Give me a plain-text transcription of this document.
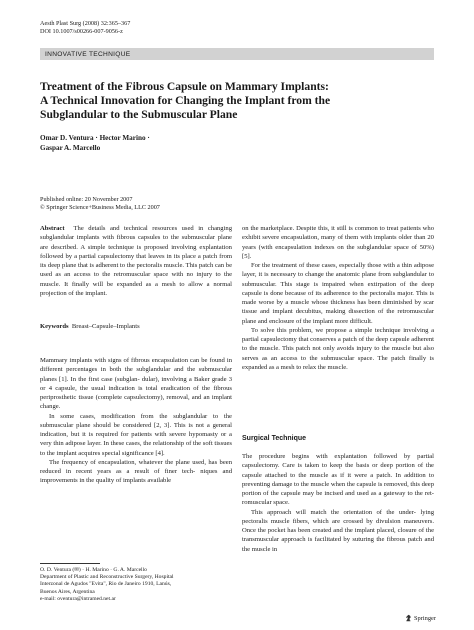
Aesth Plast Surg (2008) 32:365–367
DOI 10.1007/s00266-007-9056-z
INNOVATIVE TECHNIQUE
Treatment of the Fibrous Capsule on Mammary Implants:
A Technical Innovation for Changing the Implant from the
Subglandular to the Submuscular Plane
Omar D. Ventura · Hector Marino ·
Gaspar A. Marcello
Published online: 20 November 2007
© Springer Science+Business Media, LLC 2007

Abstract The details and technical resources used in changing subglandular implants with fibrous capsules to the submuscular plane are described. A simple technique is proposed involving explantation followed by a partial capsulectomy that leaves in its place a patch from its deep plane that is adherent to the pectoralis muscle. This patch can be used as an access to the retromuscular space with no injury to the muscle. It finally will be expanded as a mesh to allow a normal projection of the implant.

Keywords Breast–Capsule–Implants

Mammary implants with signs of fibrous encapsulation can be found in different percentages in both the subglandular and the submuscular planes [1]. In the first case (subglan- dular), involving a Baker grade 3 or 4 capsule, the usual indication is total eradication of the fibrous periprosthetic tissue (complete capsulectomy), removal, and an implant change.

In some cases, modification from the subglandular to the submuscular plane should be considered [2, 3]. This is not a general indication, but it is required for patients with severe hypomasty or a very thin adipose layer. In these cases, the relationship of the soft tissues to the implant acquires special significance [4].

The frequency of encapsulation, whatever the plane used, has been reduced in recent years as a result of finer tech- niques and improvements in the quality of implants available

O. D. Ventura (✉) · H. Marino · G. A. Marcello
Department of Plastic and Reconstructive Surgery, Hospital
Interzonal de Agudos "Evita", Rio de Janeiro 1910, Lanús,
Buenos Aires, Argentina
e-mail: oventura@intramed.net.ar

on the marketplace. Despite this, it still is common to treat patients who exhibit severe encapsulation, many of them with implants older than 20 years (with encapsulation indexes on the subglandular space of 50%) [5].

For the treatment of these cases, especially those with a thin adipose layer, it is necessary to change the anatomic plane from subglandular to submuscular. This stage is impaired when extirpation of the deep capsule is done because of its adherence to the pectoralis major. This is made worse by a muscle whose thickness has been diminished by scar tissue and implant decubitus, making dissection of the retromuscular plane and enclosure of the implant more difficult.

To solve this problem, we propose a simple technique involving a partial capsulectomy that conserves a patch of the deep capsule adherent to the muscle. This patch not only avoids injury to the muscle but also serves as an access to the submuscular space. The patch finally is expanded as a mesh to relax the muscle.

Surgical Technique

The procedure begins with explantation followed by partial capsulectomy. Care is taken to keep the basis or deep portion of the capsule attached to the muscle as if it were a patch. In addition to preventing damage to the muscle when the capsule is removed, this deep portion of the capsule may be incised and used as a gateway to the ret- romuscular space.

This approach will match the orientation of the under- lying pectoralis muscle fibers, which are crossed by divulsion maneuvers. Once the pocket has been created and the implant placed, closure of the transmuscular approach is facilitated by suturing the fibrous patch and the muscle in

Springer
